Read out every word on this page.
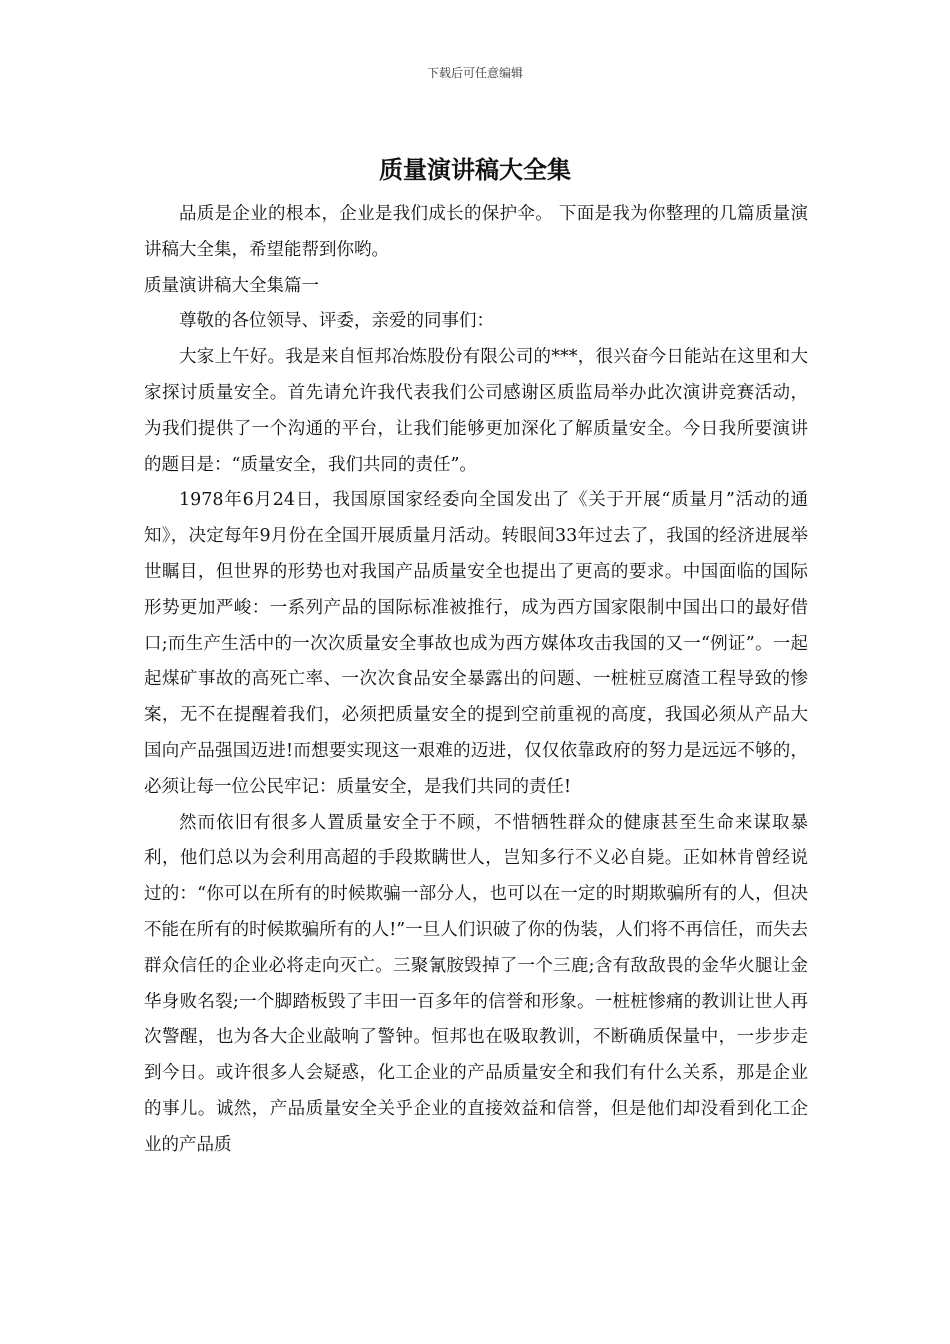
下载后可任意编辑
质量演讲稿大全集

品质是企业的根本，企业是我们成长的保护伞。 下面是我为你整理的几篇质量演讲稿大全集，希望能帮到你哟。

质量演讲稿大全集篇一

尊敬的各位领导、评委，亲爱的同事们：

大家上午好。我是来自恒邦冶炼股份有限公司的***，很兴奋今日能站在这里和大家探讨质量安全。首先请允许我代表我们公司感谢区质监局举办此次演讲竞赛活动，为我们提供了一个沟通的平台，让我们能够更加深化了解质量安全。今日我所要演讲的题目是：“质量安全，我们共同的责任”。

1978年6月24日，我国原国家经委向全国发出了《关于开展“质量月”活动的通知》，决定每年9月份在全国开展质量月活动。转眼间33年过去了，我国的经济进展举世瞩目，但世界的形势也对我国产品质量安全也提出了更高的要求。中国面临的国际形势更加严峻：一系列产品的国际标准被推行，成为西方国家限制中国出口的最好借口;而生产生活中的一次次质量安全事故也成为西方媒体攻击我国的又一“例证”。一起起煤矿事故的高死亡率、一次次食品安全暴露出的问题、一桩桩豆腐渣工程导致的惨案，无不在提醒着我们，必须把质量安全的提到空前重视的高度，我国必须从产品大国向产品强国迈进!而想要实现这一艰难的迈进，仅仅依靠政府的努力是远远不够的，必须让每一位公民牢记：质量安全，是我们共同的责任!

然而依旧有很多人置质量安全于不顾，不惜牺牲群众的健康甚至生命来谋取暴利，他们总以为会利用高超的手段欺瞒世人，岂知多行不义必自毙。正如林肯曾经说过的：“你可以在所有的时候欺骗一部分人，也可以在一定的时期欺骗所有的人，但决不能在所有的时候欺骗所有的人!”一旦人们识破了你的伪装，人们将不再信任，而失去群众信任的企业必将走向灭亡。三聚氰胺毁掉了一个三鹿;含有敌敌畏的金华火腿让金华身败名裂;一个脚踏板毁了丰田一百多年的信誉和形象。一桩桩惨痛的教训让世人再次警醒，也为各大企业敲响了警钟。恒邦也在吸取教训，不断确质保量中，一步步走到今日。或许很多人会疑惑，化工企业的产品质量安全和我们有什么关系，那是企业的事儿。诚然，产品质量安全关乎企业的直接效益和信誉，但是他们却没看到化工企业的产品质
